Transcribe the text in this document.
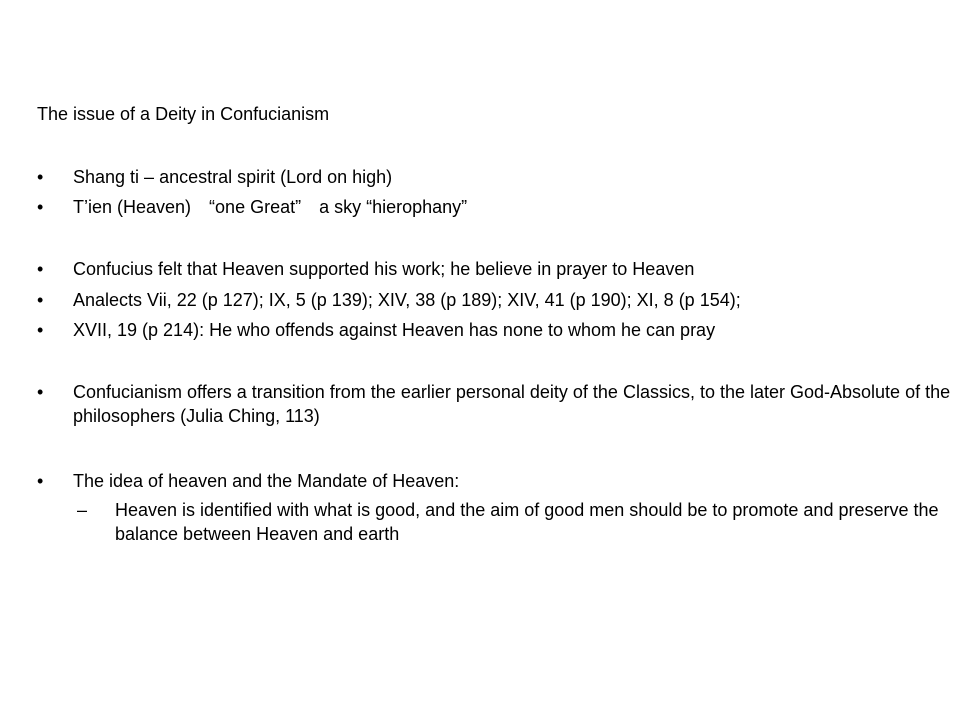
The issue of a Deity in Confucianism
•	Shang ti – ancestral spirit (Lord on high)
•	T’ien (Heaven) “one Great” a sky “hierophany”
•	Confucius felt that Heaven supported his work; he believe in prayer to Heaven
•	Analects Vii, 22 (p 127); IX, 5 (p 139); XIV, 38 (p 189); XIV, 41 (p 190); XI, 8 (p 154);
•	XVII, 19 (p 214): He who offends against Heaven has none to whom he can pray
•	Confucianism offers a transition from the earlier personal deity of the Classics, to the later God-Absolute of the philosophers (Julia Ching, 113)
•	The idea of heaven and the Mandate of Heaven:
– Heaven is identified with what is good, and the aim of good men should be to promote and preserve the balance between Heaven and earth
